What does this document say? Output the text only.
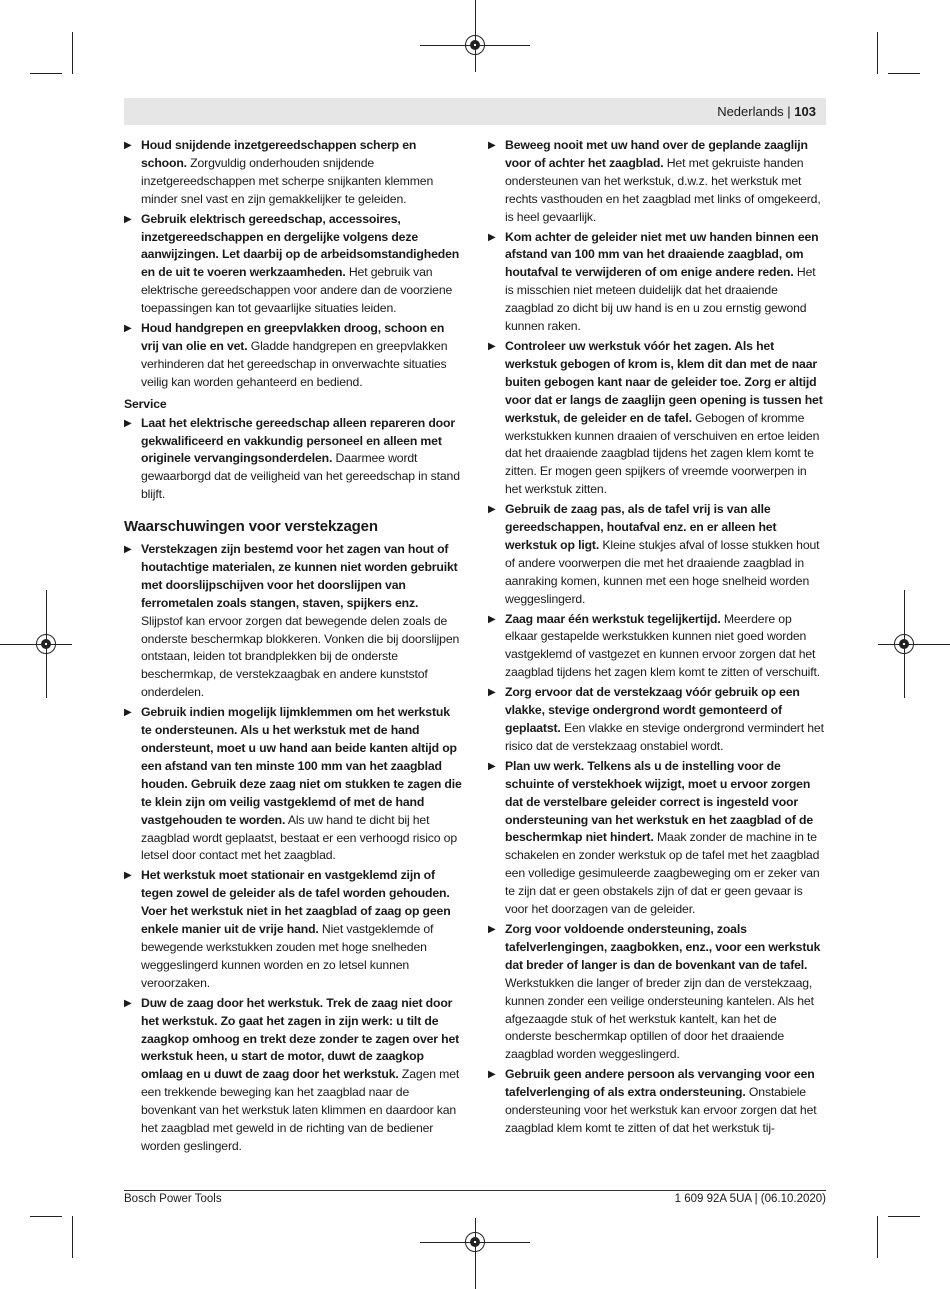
Nederlands | 103
▶ Houd snijdende inzetgereedschappen scherp en schoon. Zorgvuldig onderhouden snijdende inzetgereedschappen met scherpe snijkanten klemmen minder snel vast en zijn gemakkelijker te geleiden.
▶ Gebruik elektrisch gereedschap, accessoires, inzetgereedschappen en dergelijke volgens deze aanwijzingen. Let daarbij op de arbeidsomstandigheden en de uit te voeren werkzaamheden. Het gebruik van elektrische gereedschappen voor andere dan de voorziene toepassingen kan tot gevaarlijke situaties leiden.
▶ Houd handgrepen en greepvlakken droog, schoon en vrij van olie en vet. Gladde handgrepen en greepvlakken verhinderen dat het gereedschap in onverwachte situaties veilig kan worden gehanteerd en bediend.
Service
▶ Laat het elektrische gereedschap alleen repareren door gekwalificeerd en vakkundig personeel en alleen met originele vervangingsonderdelen. Daarmee wordt gewaarborgd dat de veiligheid van het gereedschap in stand blijft.
Waarschuwingen voor verstekzagen
▶ Verstekzagen zijn bestemd voor het zagen van hout of houtachtige materialen, ze kunnen niet worden gebruikt met doorslijpschijven voor het doorslijpen van ferrometalen zoals stangen, staven, spijkers enz. Slijpstof kan ervoor zorgen dat bewegende delen zoals de onderste beschermkap blokkeren. Vonken die bij doorslijpen ontstaan, leiden tot brandplekken bij de onderste beschermkap, de verstekzaagbak en andere kunststof onderdelen.
▶ Gebruik indien mogelijk lijmklemmen om het werkstuk te ondersteunen. Als u het werkstuk met de hand ondersteunt, moet u uw hand aan beide kanten altijd op een afstand van ten minste 100 mm van het zaagblad houden. Gebruik deze zaag niet om stukken te zagen die te klein zijn om veilig vastgeklemd of met de hand vastgehouden te worden. Als uw hand te dicht bij het zaagblad wordt geplaatst, bestaat er een verhoogd risico op letsel door contact met het zaagblad.
▶ Het werkstuk moet stationair en vastgeklemd zijn of tegen zowel de geleider als de tafel worden gehouden. Voer het werkstuk niet in het zaagblad of zaag op geen enkele manier uit de vrije hand. Niet vastgeklemde of bewegende werkstukken zouden met hoge snelheden weggeslingerd kunnen worden en zo letsel kunnen veroorzaken.
▶ Duw de zaag door het werkstuk. Trek de zaag niet door het werkstuk. Zo gaat het zagen in zijn werk: u tilt de zaagkop omhoog en trekt deze zonder te zagen over het werkstuk heen, u start de motor, duwt de zaagkop omlaag en u duwt de zaag door het werkstuk. Zagen met een trekkende beweging kan het zaagblad naar de bovenkant van het werkstuk laten klimmen en daardoor kan het zaagblad met geweld in de richting van de bediener worden geslingerd.
▶ Beweeg nooit met uw hand over de geplande zaaglijn voor of achter het zaagblad. Het met gekruiste handen ondersteunen van het werkstuk, d.w.z. het werkstuk met rechts vasthouden en het zaagblad met links of omgekeerd, is heel gevaarlijk.
▶ Kom achter de geleider niet met uw handen binnen een afstand van 100 mm van het draaiende zaagblad, om houtafval te verwijderen of om enige andere reden. Het is misschien niet meteen duidelijk dat het draaiende zaagblad zo dicht bij uw hand is en u zou ernstig gewond kunnen raken.
▶ Controleer uw werkstuk vóór het zagen. Als het werkstuk gebogen of krom is, klem dit dan met de naar buiten gebogen kant naar de geleider toe. Zorg er altijd voor dat er langs de zaaglijn geen opening is tussen het werkstuk, de geleider en de tafel. Gebogen of kromme werkstukken kunnen draaien of verschuiven en ertoe leiden dat het draaiende zaagblad tijdens het zagen klem komt te zitten. Er mogen geen spijkers of vreemde voorwerpen in het werkstuk zitten.
▶ Gebruik de zaag pas, als de tafel vrij is van alle gereedschappen, houtafval enz. en er alleen het werkstuk op ligt. Kleine stukjes afval of losse stukken hout of andere voorwerpen die met het draaiende zaagblad in aanraking komen, kunnen met een hoge snelheid worden weggeslingerd.
▶ Zaag maar één werkstuk tegelijkertijd. Meerdere op elkaar gestapelde werkstukken kunnen niet goed worden vastgeklemd of vastgezet en kunnen ervoor zorgen dat het zaagblad tijdens het zagen klem komt te zitten of verschuift.
▶ Zorg ervoor dat de verstekzaag vóór gebruik op een vlakke, stevige ondergrond wordt gemonteerd of geplaatst. Een vlakke en stevige ondergrond vermindert het risico dat de verstekzaag onstabiel wordt.
▶ Plan uw werk. Telkens als u de instelling voor de schuinte of verstekhoek wijzigt, moet u ervoor zorgen dat de verstelbare geleider correct is ingesteld voor ondersteuning van het werkstuk en het zaagblad of de beschermkap niet hindert. Maak zonder de machine in te schakelen en zonder werkstuk op de tafel met het zaagblad een volledige gesimuleerde zaagbeweging om er zeker van te zijn dat er geen obstakels zijn of dat er geen gevaar is voor het doorzagen van de geleider.
▶ Zorg voor voldoende ondersteuning, zoals tafelverlengingen, zaagbokken, enz., voor een werkstuk dat breder of langer is dan de bovenkant van de tafel. Werkstukken die langer of breder zijn dan de verstekzaag, kunnen zonder een veilige ondersteuning kantelen. Als het afgezaagde stuk of het werkstuk kantelt, kan het de onderste beschermkap optillen of door het draaiende zaagblad worden weggeslingerd.
▶ Gebruik geen andere persoon als vervanging voor een tafelverlenging of als extra ondersteuning. Onstabiele ondersteuning voor het werkstuk kan ervoor zorgen dat het zaagblad klem komt te zitten of dat het werkstuk tij-
Bosch Power Tools	1 609 92A 5UA | (06.10.2020)
